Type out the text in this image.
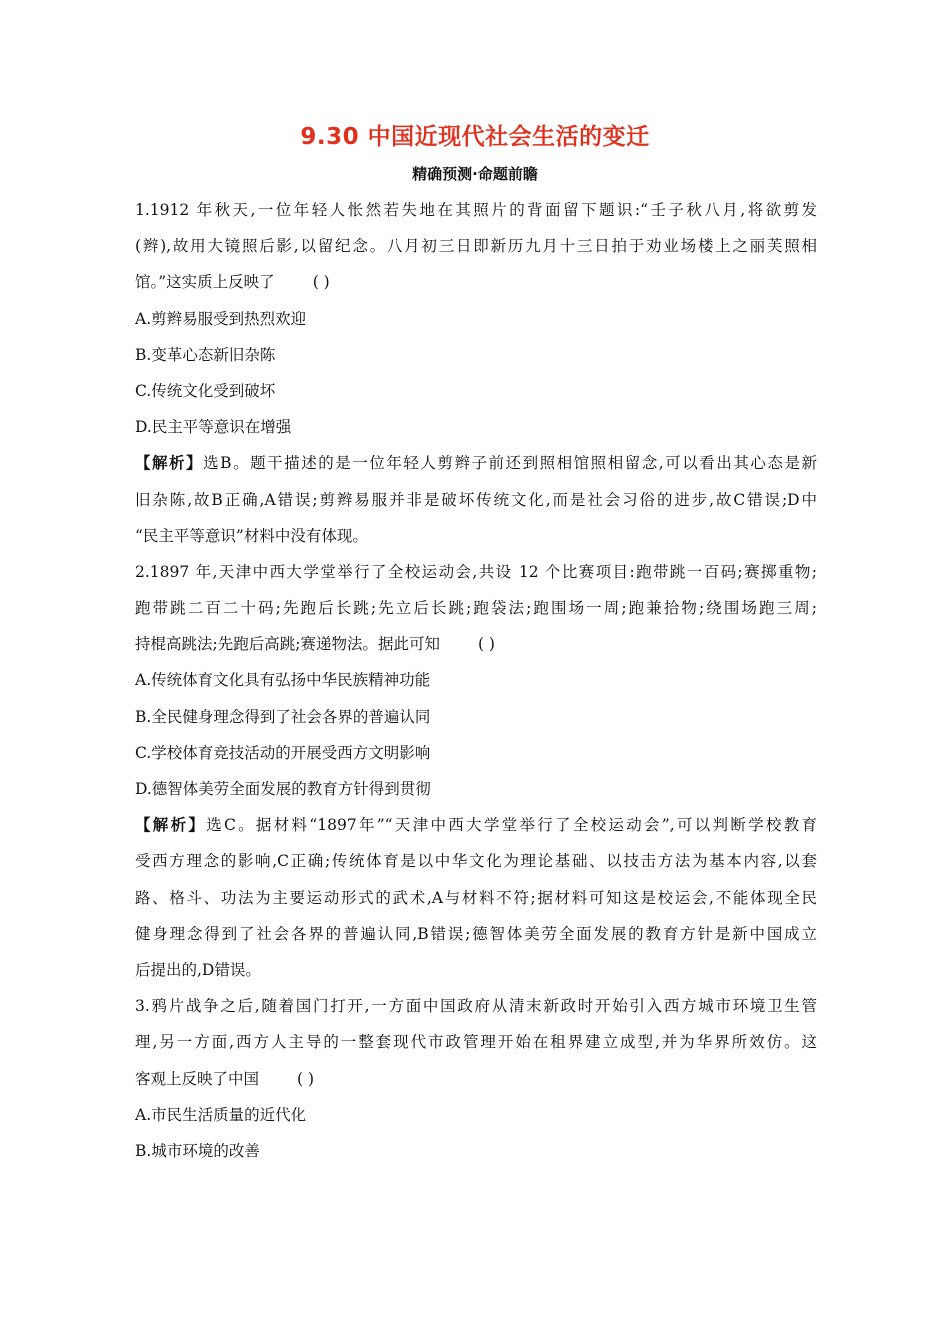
9.30 中国近现代社会生活的变迁
精确预测·命题前瞻
1.1912 年秋天,一位年轻人怅然若失地在其照片的背面留下题识:“壬子秋八月,将欲剪发
(辫),故用大镜照后影,以留纪念。八月初三日即新历九月十三日拍于劝业场楼上之丽芙照相
馆。”这实质上反映了 ( )
A.剪辫易服受到热烈欢迎
B.变革心态新旧杂陈
C.传统文化受到破坏
D.民主平等意识在增强
【解析】选B。题干描述的是一位年轻人剪辫子前还到照相馆照相留念,可以看出其心态是新
旧杂陈,故B正确,A错误;剪辫易服并非是破坏传统文化,而是社会习俗的进步,故C错误;D中
“民主平等意识”材料中没有体现。
2.1897 年,天津中西大学堂举行了全校运动会,共设 12 个比赛项目:跑带跳一百码;赛掷重物;
跑带跳二百二十码;先跑后长跳;先立后长跳;跑袋法;跑围场一周;跑兼拾物;绕围场跑三周;
持棍高跳法;先跑后高跳;赛递物法。据此可知 ( )
A.传统体育文化具有弘扬中华民族精神功能
B.全民健身理念得到了社会各界的普遍认同
C.学校体育竞技活动的开展受西方文明影响
D.德智体美劳全面发展的教育方针得到贯彻
【解析】选C。据材料“1897年”“天津中西大学堂举行了全校运动会”,可以判断学校教育
受西方理念的影响,C正确;传统体育是以中华文化为理论基础、以技击方法为基本内容,以套
路、格斗、功法为主要运动形式的武术,A与材料不符;据材料可知这是校运会,不能体现全民
健身理念得到了社会各界的普遍认同,B错误;德智体美劳全面发展的教育方针是新中国成立
后提出的,D错误。
3.鸦片战争之后,随着国门打开,一方面中国政府从清末新政时开始引入西方城市环境卫生管
理,另一方面,西方人主导的一整套现代市政管理开始在租界建立成型,并为华界所效仿。这
客观上反映了中国 ( )
A.市民生活质量的近代化
B.城市环境的改善
